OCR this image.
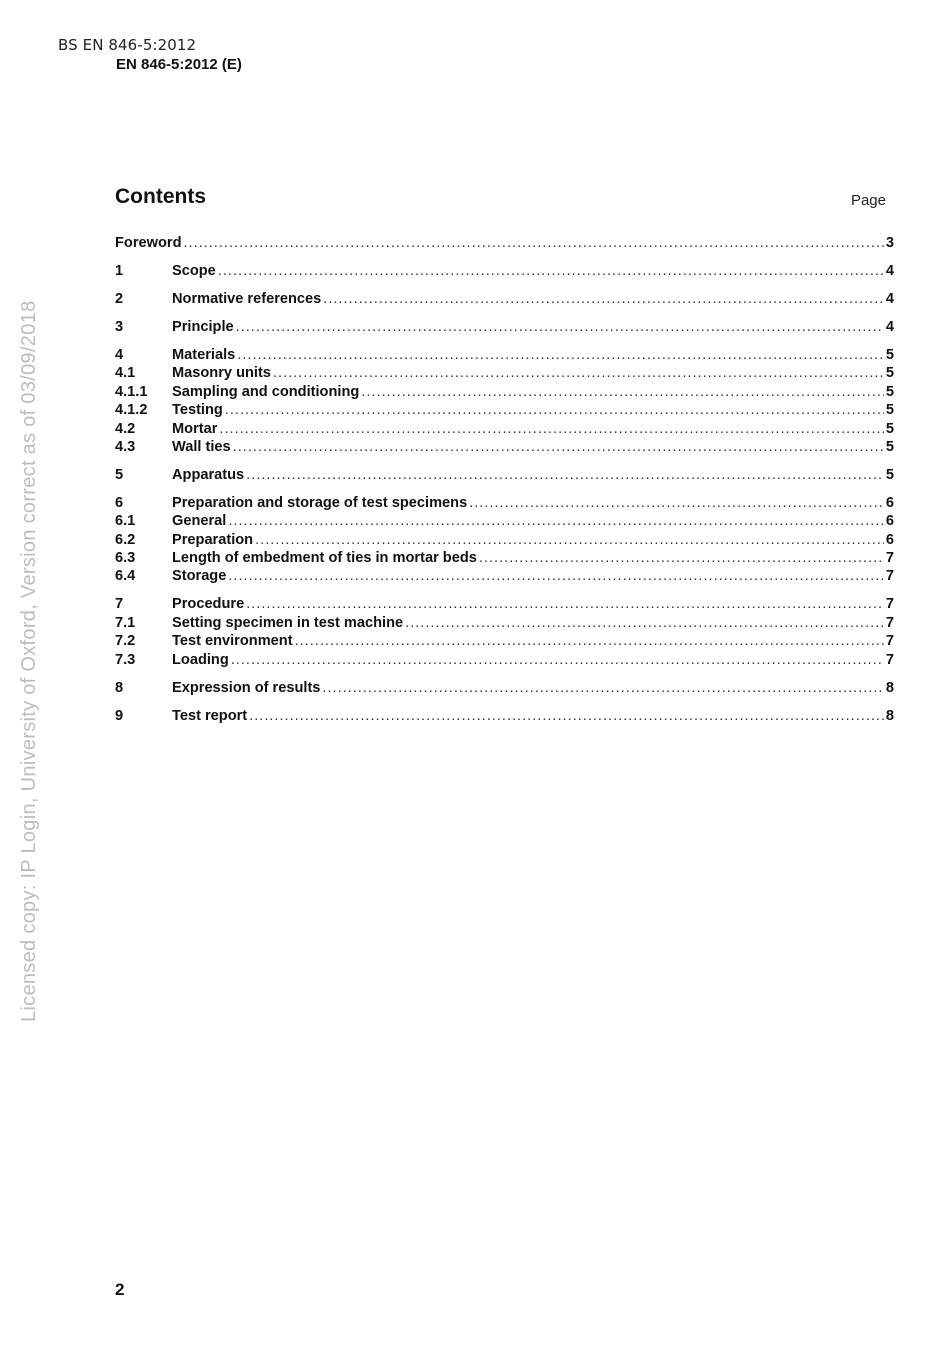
BS EN 846-5:2012
EN 846-5:2012 (E)
Contents	Page
Foreword .....	3
1	Scope .....	4
2	Normative references .....	4
3	Principle .....	4
4	Materials .....	5
4.1	Masonry units .....	5
4.1.1	Sampling and conditioning .....	5
4.1.2	Testing .....	5
4.2	Mortar .....	5
4.3	Wall ties .....	5
5	Apparatus .....	5
6	Preparation and storage of test specimens .....	6
6.1	General .....	6
6.2	Preparation .....	6
6.3	Length of embedment of ties in mortar beds .....	7
6.4	Storage .....	7
7	Procedure .....	7
7.1	Setting specimen in test machine .....	7
7.2	Test environment .....	7
7.3	Loading .....	7
8	Expression of results .....	8
9	Test report .....	8
Licensed copy: IP Login, University of Oxford, Version correct as of 03/09/2018
2
